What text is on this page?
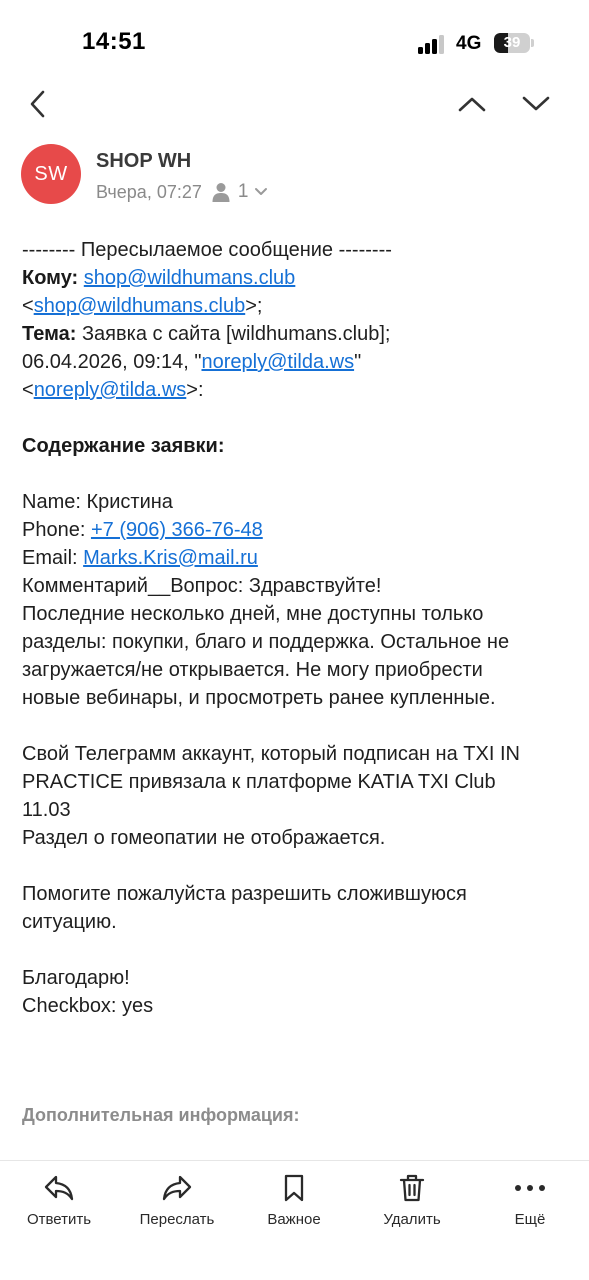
14:51	4G	39
SW
SHOP WH
Вчера, 07:27 1
-------- Пересылаемое сообщение --------
Кому: shop@wildhumans.club
<shop@wildhumans.club>;
Тема: Заявка с сайта [wildhumans.club];
06.04.2026, 09:14, "noreply@tilda.ws"
<noreply@tilda.ws>:
Содержание заявки:
Name: Кристина
Phone: +7 (906) 366-76-48
Email: Marks.Kris@mail.ru
Комментарий__Вопрос: Здравствуйте!
Последние несколько дней, мне доступны только
разделы: покупки, благо и поддержка. Остальное не
загружается/не открывается. Не могу приобрести
новые вебинары, и просмотреть ранее купленные.
Свой Телеграмм аккаунт, который подписан на TXI IN
PRACTICE привязала к платформе KATIA TXI Club
11.03
Раздел о гомеопатии не отображается.
Помогите пожалуйста разрешить сложившуюся
ситуацию.
Благодарю!
Checkbox: yes
Дополнительная информация:
Ответить	Переслать	Важное	Удалить	Ещё
